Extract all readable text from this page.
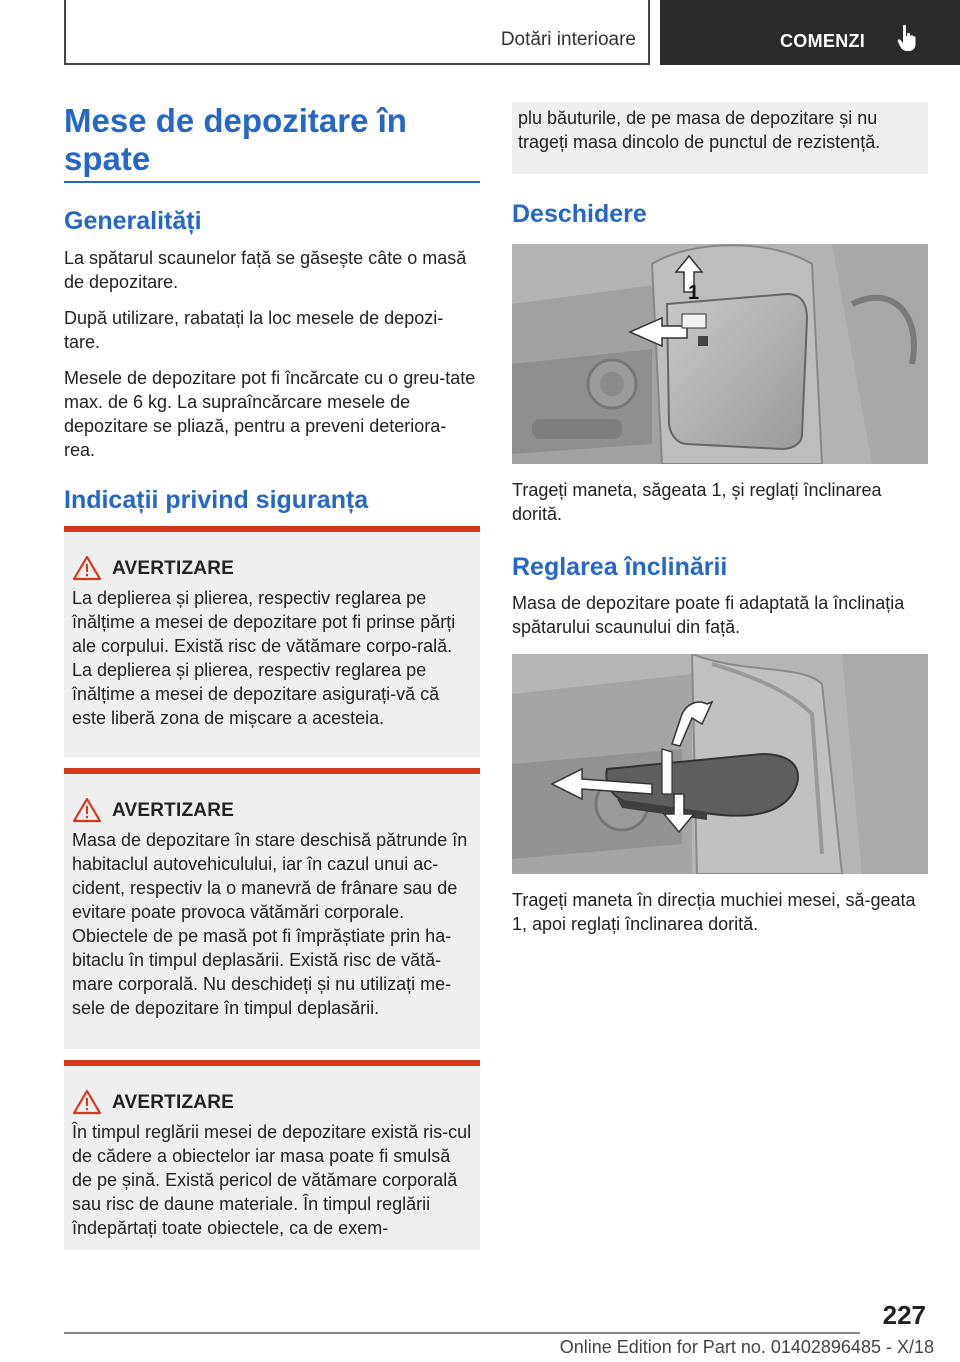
Dotări interioare	COMENZI
Mese de depozitare în spate
Generalități

La spătarul scaunelor față se găsește câte o masă de depozitare.

După utilizare, rabatați la loc mesele de depozi-tare.

Mesele de depozitare pot fi încărcate cu o greu-tate max. de 6 kg. La supraîncărcare mesele de depozitare se pliază, pentru a preveni deteriora-rea.

Indicații privind siguranța
AVERTIZARE

La deplierea și plierea, respectiv reglarea pe înălțime a mesei de depozitare pot fi prinse părți ale corpului. Există risc de vătămare corpo-rală. La deplierea și plierea, respectiv reglarea pe înălțime a mesei de depozitare asigurați-vă că este liberă zona de mișcare a acesteia.

AVERTIZARE

Masa de depozitare în stare deschisă pătrunde în habitaclul autovehiculului, iar în cazul unui ac-cident, respectiv la o manevră de frânare sau de evitare poate provoca vătămări corporale. Obiectele de pe masă pot fi împrăștiate prin ha-bitaclu în timpul deplasării. Există risc de vătă-mare corporală. Nu deschideți și nu utilizați me-sele de depozitare în timpul deplasării.

AVERTIZARE

În timpul reglării mesei de depozitare există ris-cul de cădere a obiectelor iar masa poate fi smulsă de pe șină. Există pericol de vătămare corporală sau risc de daune materiale. În timpul reglării îndepărtați toate obiectele, ca de exem-

plu băuturile, de pe masa de depozitare și nu trageți masa dincolo de punctul de rezistență.

Deschidere
1

Trageți maneta, săgeata 1, și reglați înclinarea dorită.

Reglarea înclinării

Masa de depozitare poate fi adaptată la înclinația spătarului scaunului din față.

Trageți maneta în direcția muchiei mesei, să-geata 1, apoi reglați înclinarea dorită.

227
Online Edition for Part no. 01402896485 - X/18
